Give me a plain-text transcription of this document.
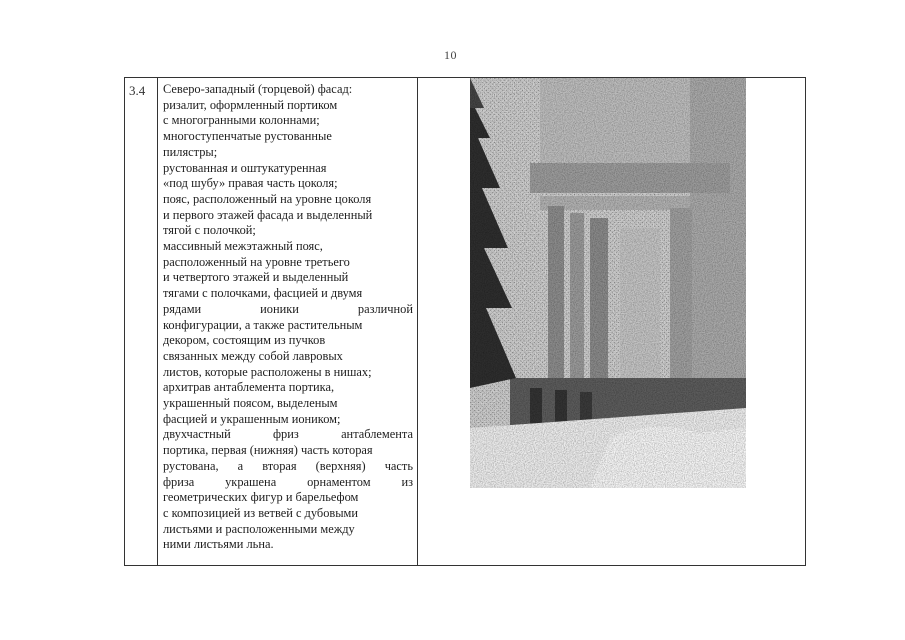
10
3.4 Северо-западный (торцевой) фасад:
ризалит, оформленный портиком
с многогранными колоннами;
многоступенчатые рустованные
пилястры;
рустованная и оштукатуренная
«под шубу» правая часть цоколя;
пояс, расположенный на уровне цоколя
и первого этажей фасада и выделенный
тягой с полочкой;
массивный межэтажный пояс,
расположенный на уровне третьего
и четвертого этажей и выделенный
тягами с полочками, фасцией и двумя
рядами	ионики	различной
конфигурации, а также растительным
декором, состоящим из пучков
связанных между собой лавровых
листов, которые расположены в нишах;
архитрав антаблемента портика,
украшенный поясом, выделеным
фасцией и украшенным иоником;
двухчастный	фриз	антаблемента
портика, первая (нижняя) часть которая
рустована, а вторая (верхняя) часть
фриза украшена орнаментом из
геометрических фигур и барельефом
с композицией из ветвей с дубовыми
листьями и расположенными между
ними листьями льна.
